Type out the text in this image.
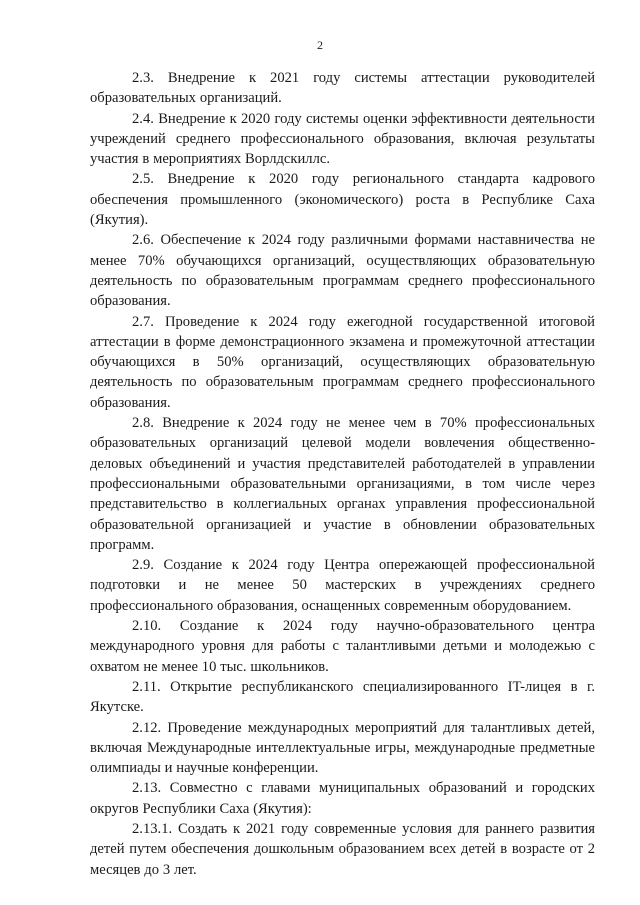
2

2.3. Внедрение к 2021 году системы аттестации руководителей образовательных организаций.

2.4. Внедрение к 2020 году системы оценки эффективности деятельности учреждений среднего профессионального образования, включая результаты участия в мероприятиях Ворлдскиллс.

2.5. Внедрение к 2020 году регионального стандарта кадрового обеспечения промышленного (экономического) роста в Республике Саха (Якутия).

2.6. Обеспечение к 2024 году различными формами наставничества не менее 70% обучающихся организаций, осуществляющих образовательную деятельность по образовательным программам среднего профессионального образования.

2.7. Проведение к 2024 году ежегодной государственной итоговой аттестации в форме демонстрационного экзамена и промежуточной аттестации обучающихся в 50% организаций, осуществляющих образовательную деятельность по образовательным программам среднего профессионального образования.

2.8. Внедрение к 2024 году не менее чем в 70% профессиональных образовательных организаций целевой модели вовлечения общественно-деловых объединений и участия представителей работодателей в управлении профессиональными образовательными организациями, в том числе через представительство в коллегиальных органах управления профессиональной образовательной организацией и участие в обновлении образовательных программ.

2.9. Создание к 2024 году Центра опережающей профессиональной подготовки и не менее 50 мастерских в учреждениях среднего профессионального образования, оснащенных современным оборудованием.

2.10. Создание к 2024 году научно-образовательного центра международного уровня для работы с талантливыми детьми и молодежью с охватом не менее 10 тыс. школьников.

2.11. Открытие республиканского специализированного IT-лицея в г. Якутске.

2.12. Проведение международных мероприятий для талантливых детей, включая Международные интеллектуальные игры, международные предметные олимпиады и научные конференции.

2.13. Совместно с главами муниципальных образований и городских округов Республики Саха (Якутия):

2.13.1. Создать к 2021 году современные условия для раннего развития детей путем обеспечения дошкольным образованием всех детей в возрасте от 2 месяцев до 3 лет.
